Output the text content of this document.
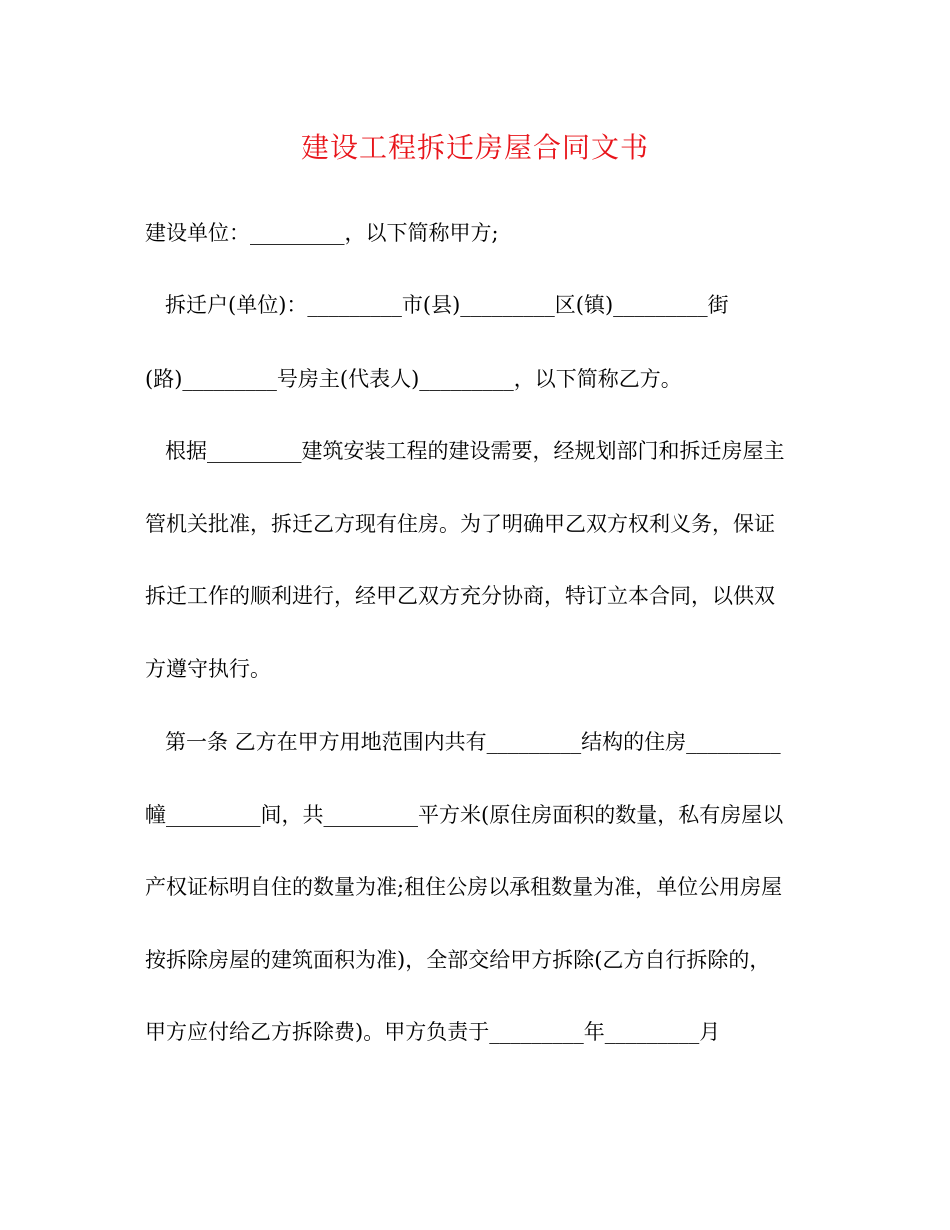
建设工程拆迁房屋合同文书
建设单位：_________，以下简称甲方;
拆迁户(单位)：_________市(县)_________区(镇)_________街
(路)_________号房主(代表人)_________，以下简称乙方。
根据_________建筑安装工程的建设需要，经规划部门和拆迁房屋主
管机关批准，拆迁乙方现有住房。为了明确甲乙双方权利义务，保证
拆迁工作的顺利进行，经甲乙双方充分协商，特订立本合同，以供双
方遵守执行。
第一条 乙方在甲方用地范围内共有_________结构的住房_________
幢_________间，共_________平方米(原住房面积的数量，私有房屋以
产权证标明自住的数量为准;租住公房以承租数量为准，单位公用房屋
按拆除房屋的建筑面积为准)，全部交给甲方拆除(乙方自行拆除的，
甲方应付给乙方拆除费)。甲方负责于_________年_________月
